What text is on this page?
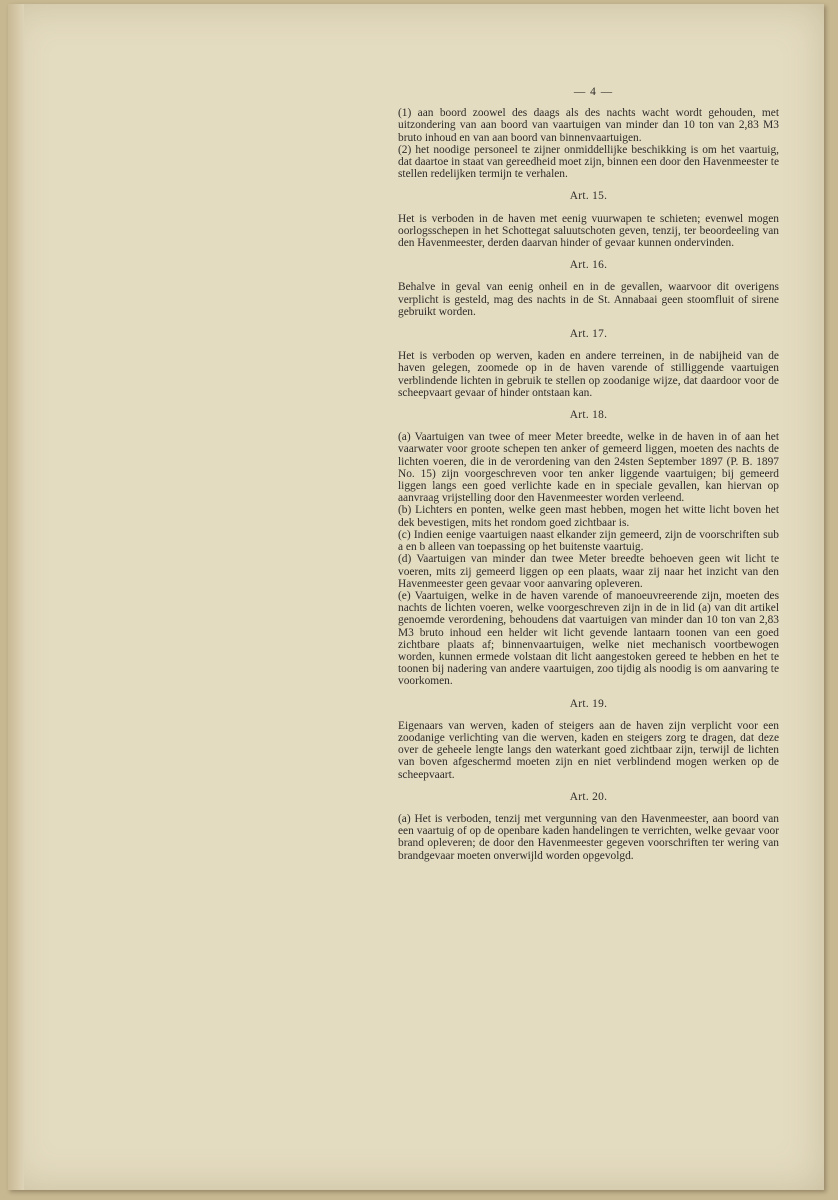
— 4 —

(1) aan boord zoowel des daags als des nachts wacht wordt gehouden, met uitzondering van aan boord van vaartuigen van minder dan 10 ton van 2,83 M3 bruto inhoud en van aan boord van binnenvaartuigen.

(2) het noodige personeel te zijner onmiddellijke beschikking is om het vaartuig, dat daartoe in staat van gereedheid moet zijn, binnen een door den Havenmeester te stellen redelijken termijn te verhalen.

Art. 15.

Het is verboden in de haven met eenig vuurwapen te schieten; evenwel mogen oorlogsschepen in het Schottegat saluutschoten geven, tenzij, ter beoordeeling van den Havenmeester, derden daarvan hinder of gevaar kunnen ondervinden.

Art. 16.

Behalve in geval van eenig onheil en in de gevallen, waarvoor dit overigens verplicht is gesteld, mag des nachts in de St. Annabaai geen stoomfluit of sirene gebruikt worden.

Art. 17.

Het is verboden op werven, kaden en andere terreinen, in de nabijheid van de haven gelegen, zoomede op in de haven varende of stilliggende vaartuigen verblindende lichten in gebruik te stellen op zoodanige wijze, dat daardoor voor de scheepvaart gevaar of hinder ontstaan kan.

Art. 18.

(a) Vaartuigen van twee of meer Meter breedte, welke in de haven in of aan het vaarwater voor groote schepen ten anker of gemeerd liggen, moeten des nachts de lichten voeren, die in de verordening van den 24sten September 1897 (P. B. 1897 No. 15) zijn voorgeschreven voor ten anker liggende vaartuigen; bij gemeerd liggen langs een goed verlichte kade en in speciale gevallen, kan hiervan op aanvraag vrijstelling door den Havenmeester worden verleend.

(b) Lichters en ponten, welke geen mast hebben, mogen het witte licht boven het dek bevestigen, mits het rondom goed zichtbaar is.

(c) Indien eenige vaartuigen naast elkander zijn gemeerd, zijn de voorschriften sub a en b alleen van toepassing op het buitenste vaartuig.

(d) Vaartuigen van minder dan twee Meter breedte behoeven geen wit licht te voeren, mits zij gemeerd liggen op een plaats, waar zij naar het inzicht van den Havenmeester geen gevaar voor aanvaring opleveren.

(e) Vaartuigen, welke in de haven varende of manoeuvreerende zijn, moeten des nachts de lichten voeren, welke voorgeschreven zijn in de in lid (a) van dit artikel genoemde verordening, behoudens dat vaartuigen van minder dan 10 ton van 2,83 M3 bruto inhoud een helder wit licht gevende lantaarn toonen van een goed zichtbare plaats af; binnenvaartuigen, welke niet mechanisch voortbewogen worden, kunnen ermede volstaan dit licht aangestoken gereed te hebben en het te toonen bij nadering van andere vaartuigen, zoo tijdig als noodig is om aanvaring te voorkomen.

Art. 19.

Eigenaars van werven, kaden of steigers aan de haven zijn verplicht voor een zoodanige verlichting van die werven, kaden en steigers zorg te dragen, dat deze over de geheele lengte langs den waterkant goed zichtbaar zijn, terwijl de lichten van boven afgeschermd moeten zijn en niet verblindend mogen werken op de scheepvaart.

Art. 20.

(a) Het is verboden, tenzij met vergunning van den Havenmeester, aan boord van een vaartuig of op de openbare kaden handelingen te verrichten, welke gevaar voor brand opleveren; de door den Havenmeester gegeven voorschriften ter wering van brandgevaar moeten onverwijld worden opgevolgd.
